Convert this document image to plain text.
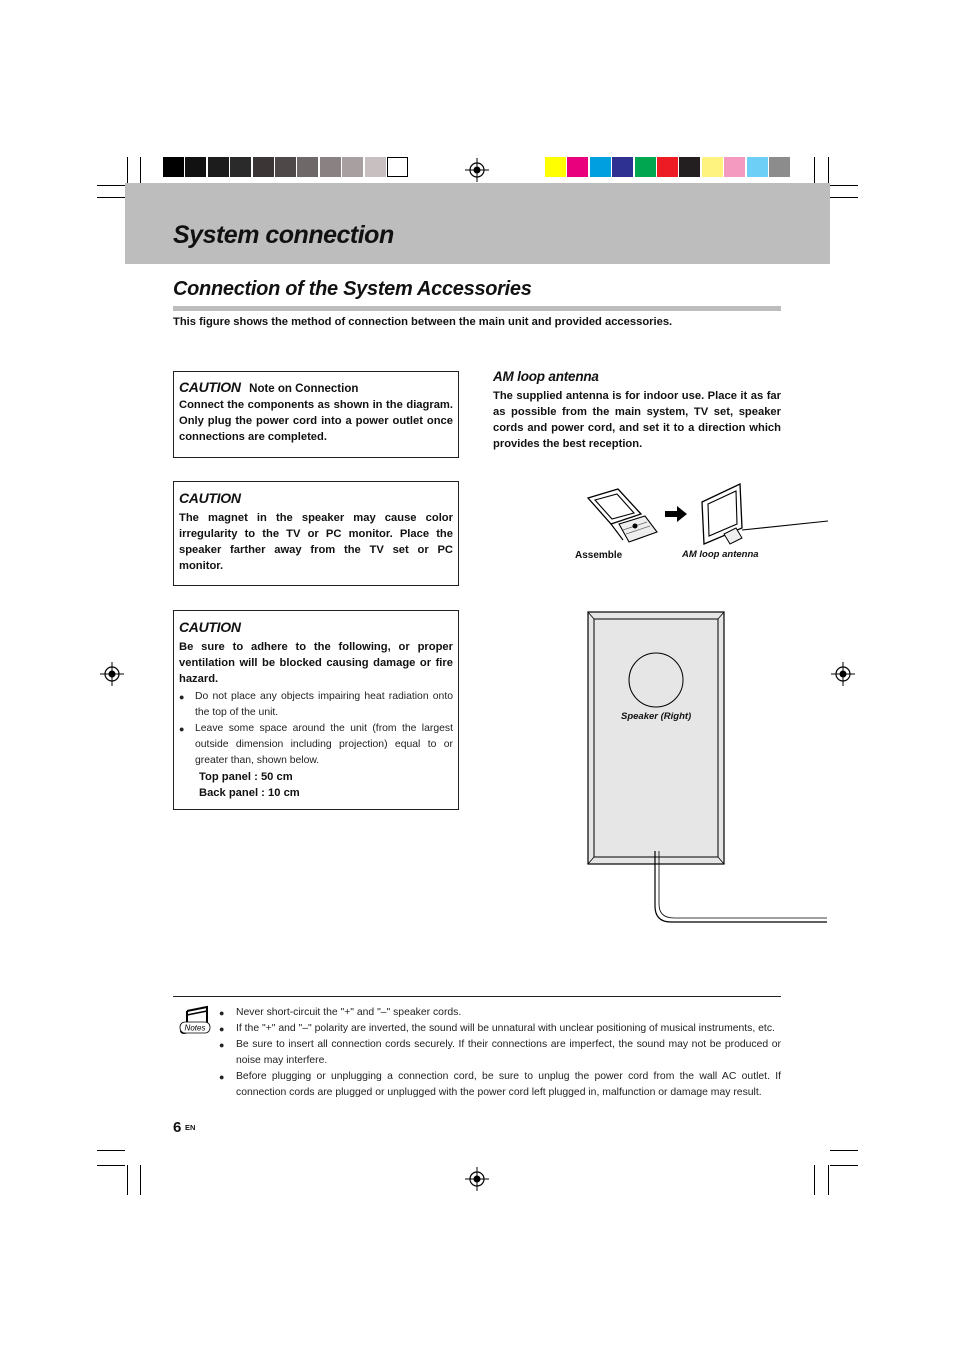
System connection
Connection of the System Accessories
This figure shows the method of connection between the main unit and provided accessories.
CAUTION Note on Connection
Connect the components as shown in the diagram. Only plug the power cord into a power outlet once connections are completed.
CAUTION
The magnet in the speaker may cause color irregularity to the TV or PC monitor. Place the speaker farther away from the TV set or PC monitor.
CAUTION
Be sure to adhere to the following, or proper ventilation will be blocked causing damage or fire hazard.
● Do not place any objects impairing heat radiation onto the top of the unit.
● Leave some space around the unit (from the largest outside dimension including projection) equal to or greater than, shown below.
Top panel : 50 cm
Back panel : 10 cm
AM loop antenna
The supplied antenna is for indoor use. Place it as far as possible from the main system, TV set, speaker cords and power cord, and set it to a direction which provides the best reception.
Assemble	AM loop antenna
Speaker (Right)
Notes
● Never short-circuit the "+" and "–" speaker cords.
● If the "+" and "–" polarity are inverted, the sound will be unnatural with unclear positioning of musical instruments, etc.
● Be sure to insert all connection cords securely. If their connections are imperfect, the sound may not be produced or noise may interfere.
● Before plugging or unplugging a connection cord, be sure to unplug the power cord from the wall AC outlet. If connection cords are plugged or unplugged with the power cord left plugged in, malfunction or damage may result.
6 EN
